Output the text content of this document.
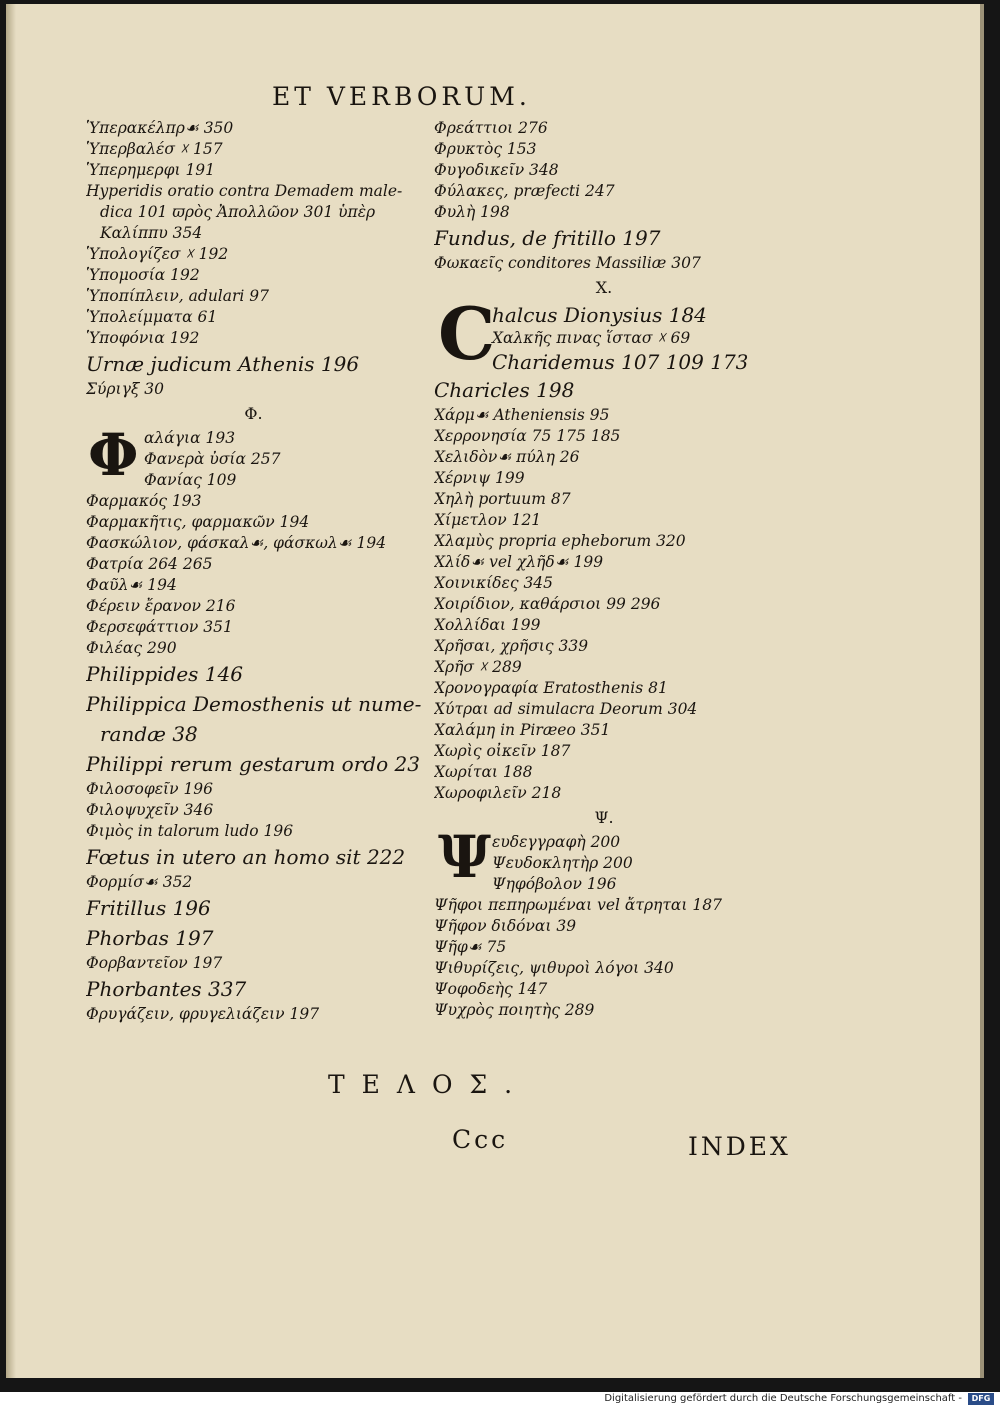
ET VERBORUM.
Ὑπερακέλπρ☙ 350
Ὑπερβαλέσ ☓ 157
Ὑπερημερφι 191
Hyperidis oratio contra Demadem male-
dica 101 ϖρὸς Ἀπολλῶον 301 ὑπὲρ
Καλίππυ 354
Ὑπολογίζεσ ☓ 192
Ὑπομοσία 192
Ὑποπίπλειν, adulari 97
Ὑπολείμματα 61
Ὑποφόνια 192
Urnæ judicum Athenis 196
Σύριγξ 30
Φ.
Φ αλάγια 193
Φανερὰ ὐσία 257
Φανίας 109
Φαρμακός 193
Φαρμακῆτις, φαρμακῶν 194
Φασκώλιον, φάσκαλ☙, φάσκωλ☙ 194
Φατρία 264 265
Φαῦλ☙ 194
Φέρειν ἔρανον 216
Φερσεφάττιον 351
Φιλέας 290
Philippides 146
Philippica Demosthenis ut nume-
randæ 38
Philippi rerum gestarum ordo 23
Φιλοσοφεῖν 196
Φιλοψυχεῖν 346
Φιμὸς in talorum ludo 196
Fœtus in utero an homo sit 222
Φορμίσ☙ 352
Fritillus 196
Phorbas 197
Φορβαντεῖον 197
Phorbantes 337
Φρυγάζειν, φρυγελιάζειν 197
Φρεάττιοι 276
Φρυκτὸς 153
Φυγοδικεῖν 348
Φύλακες, præfecti 247
Φυλὴ 198
Fundus, de fritillo 197
Φωκαεῖς conditores Massiliæ 307
X.
C
halcus Dionysius 184
Χαλκῆς πινας ἵστασ ☓ 69
Charidemus 107 109 173
Charicles 198
Χάρμ☙ Atheniensis 95
Χερρονησία 75 175 185
Χελιδὸν☙ πύλη 26
Χέρνιψ 199
Χηλὴ portuum 87
Χίμετλον 121
Χλαμὺς propria epheborum 320
Χλίδ☙ vel χλῆδ☙ 199
Χοινικίδες 345
Χοιρίδιον, καθάρσιοι 99 296
Χολλίδαι 199
Χρῆσαι, χρῆσις 339
Χρῆσ ☓ 289
Χρονογραφία Eratosthenis 81
Χύτραι ad simulacra Deorum 304
Χαλάμη in Piræeo 351
Χωρὶς οἰκεῖν 187
Χωρίται 188
Χωροφιλεῖν 218
Ψ.
Ψ ευδεγγραφὴ 200
Ψευδοκλητὴρ 200
Ψηφόβολον 196
Ψῆφοι πεπηρωμέναι vel ἄτρηται 187
Ψῆφον διδόναι 39
Ψῆφ☙ 75
Ψιθυρίζεις, ψιθυροὶ λόγοι 340
Ψοφοδεὴς 147
Ψυχρὸς ποιητὴς 289
ΤΕΛΟΣ.
Ccc	INDEX
Digitalisierung gefördert durch die Deutsche Forschungsgemeinschaft -	DFG
